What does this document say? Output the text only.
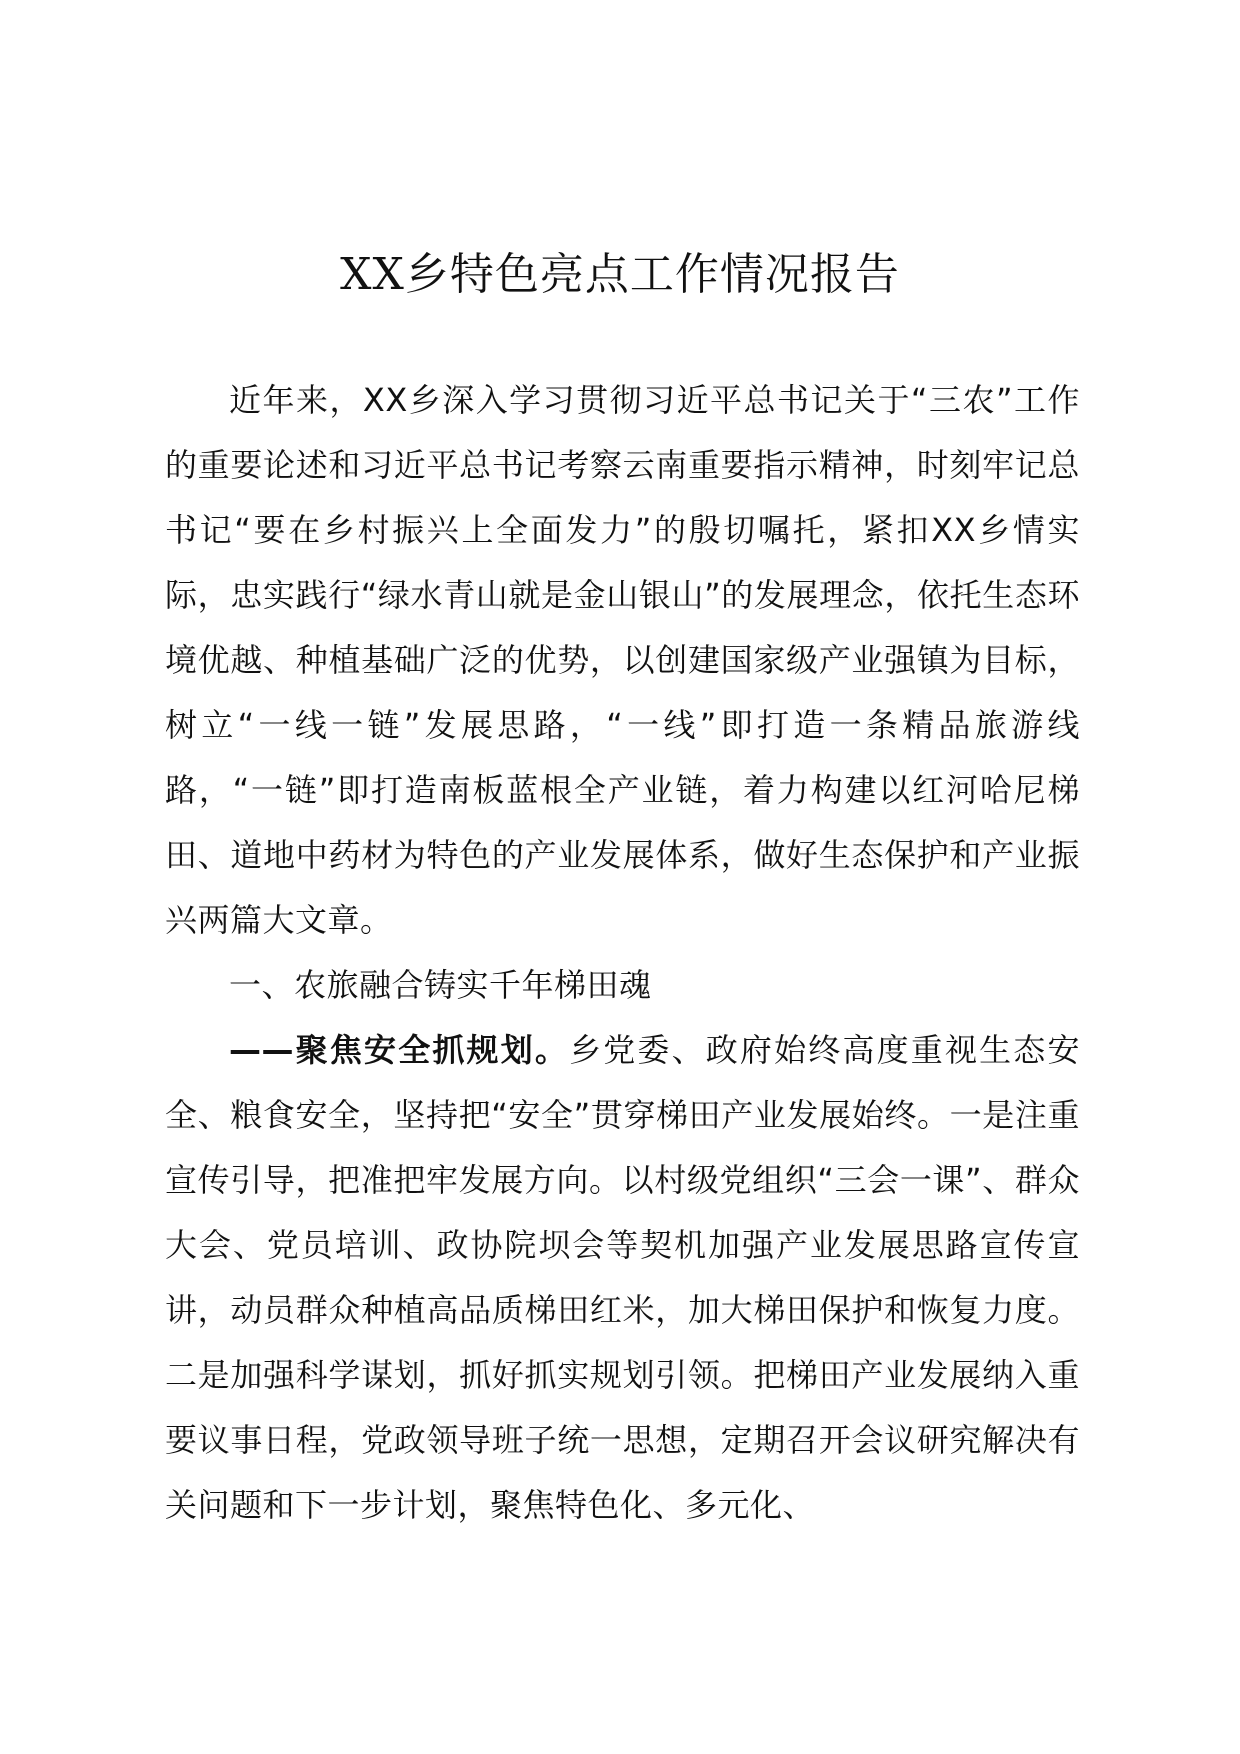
XX乡特色亮点工作情况报告

近年来，XX乡深入学习贯彻习近平总书记关于“三农”工作的重要论述和习近平总书记考察云南重要指示精神，时刻牢记总书记“要在乡村振兴上全面发力”的殷切嘱托，紧扣XX乡情实际，忠实践行“绿水青山就是金山银山”的发展理念，依托生态环境优越、种植基础广泛的优势，以创建国家级产业强镇为目标，树立“一线一链”发展思路，“一线”即打造一条精品旅游线路，“一链”即打造南板蓝根全产业链，着力构建以红河哈尼梯田、道地中药材为特色的产业发展体系，做好生态保护和产业振兴两篇大文章。

一、农旅融合铸实千年梯田魂

——聚焦安全抓规划。乡党委、政府始终高度重视生态安全、粮食安全，坚持把“安全”贯穿梯田产业发展始终。一是注重宣传引导，把准把牢发展方向。以村级党组织“三会一课”、群众大会、党员培训、政协院坝会等契机加强产业发展思路宣传宣讲，动员群众种植高品质梯田红米，加大梯田保护和恢复力度。二是加强科学谋划，抓好抓实规划引领。把梯田产业发展纳入重要议事日程，党政领导班子统一思想，定期召开会议研究解决有关问题和下一步计划，聚焦特色化、多元化、
